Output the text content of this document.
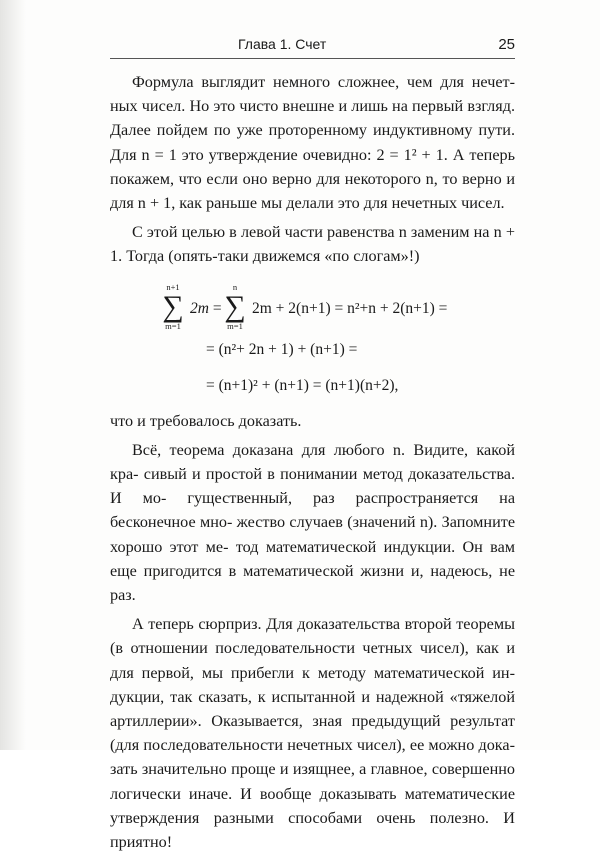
Глава 1. Счет	25

Формула выглядит немного сложнее, чем для нечет- ных чисел. Но это чисто внешне и лишь на первый взгляд. Далее пойдем по уже проторенному индуктивному пути. Для n = 1 это утверждение очевидно: 2 = 1² + 1. А теперь покажем, что если оно верно для некоторого n, то верно и для n + 1, как раньше мы делали это для нечетных чисел.

С этой целью в левой части равенства n заменим на n + 1. Тогда (опять-таки движемся «по слогам»!)

n+1
∑
m=1
2m =
n
∑
m=1
2m + 2(n+1) = n²+n + 2(n+1) =
= (n²+ 2n + 1) + (n+1) =
= (n+1)² + (n+1) = (n+1)(n+2),

что и требовалось доказать.

Всё, теорема доказана для любого n. Видите, какой кра- сивый и простой в понимании метод доказательства. И мо- гущественный, раз распространяется на бесконечное мно- жество случаев (значений n). Запомните хорошо этот ме- тод математической индукции. Он вам еще пригодится в математической жизни и, надеюсь, не раз.

А теперь сюрприз. Для доказательства второй теоремы (в отношении последовательности четных чисел), как и для первой, мы прибегли к методу математической ин- дукции, так сказать, к испытанной и надежной «тяжелой артиллерии». Оказывается, зная предыдущий результат (для последовательности нечетных чисел), ее можно дока- зать значительно проще и изящнее, а главное, совершенно логически иначе. И вообще доказывать математические утверждения разными способами очень полезно. И приятно!
